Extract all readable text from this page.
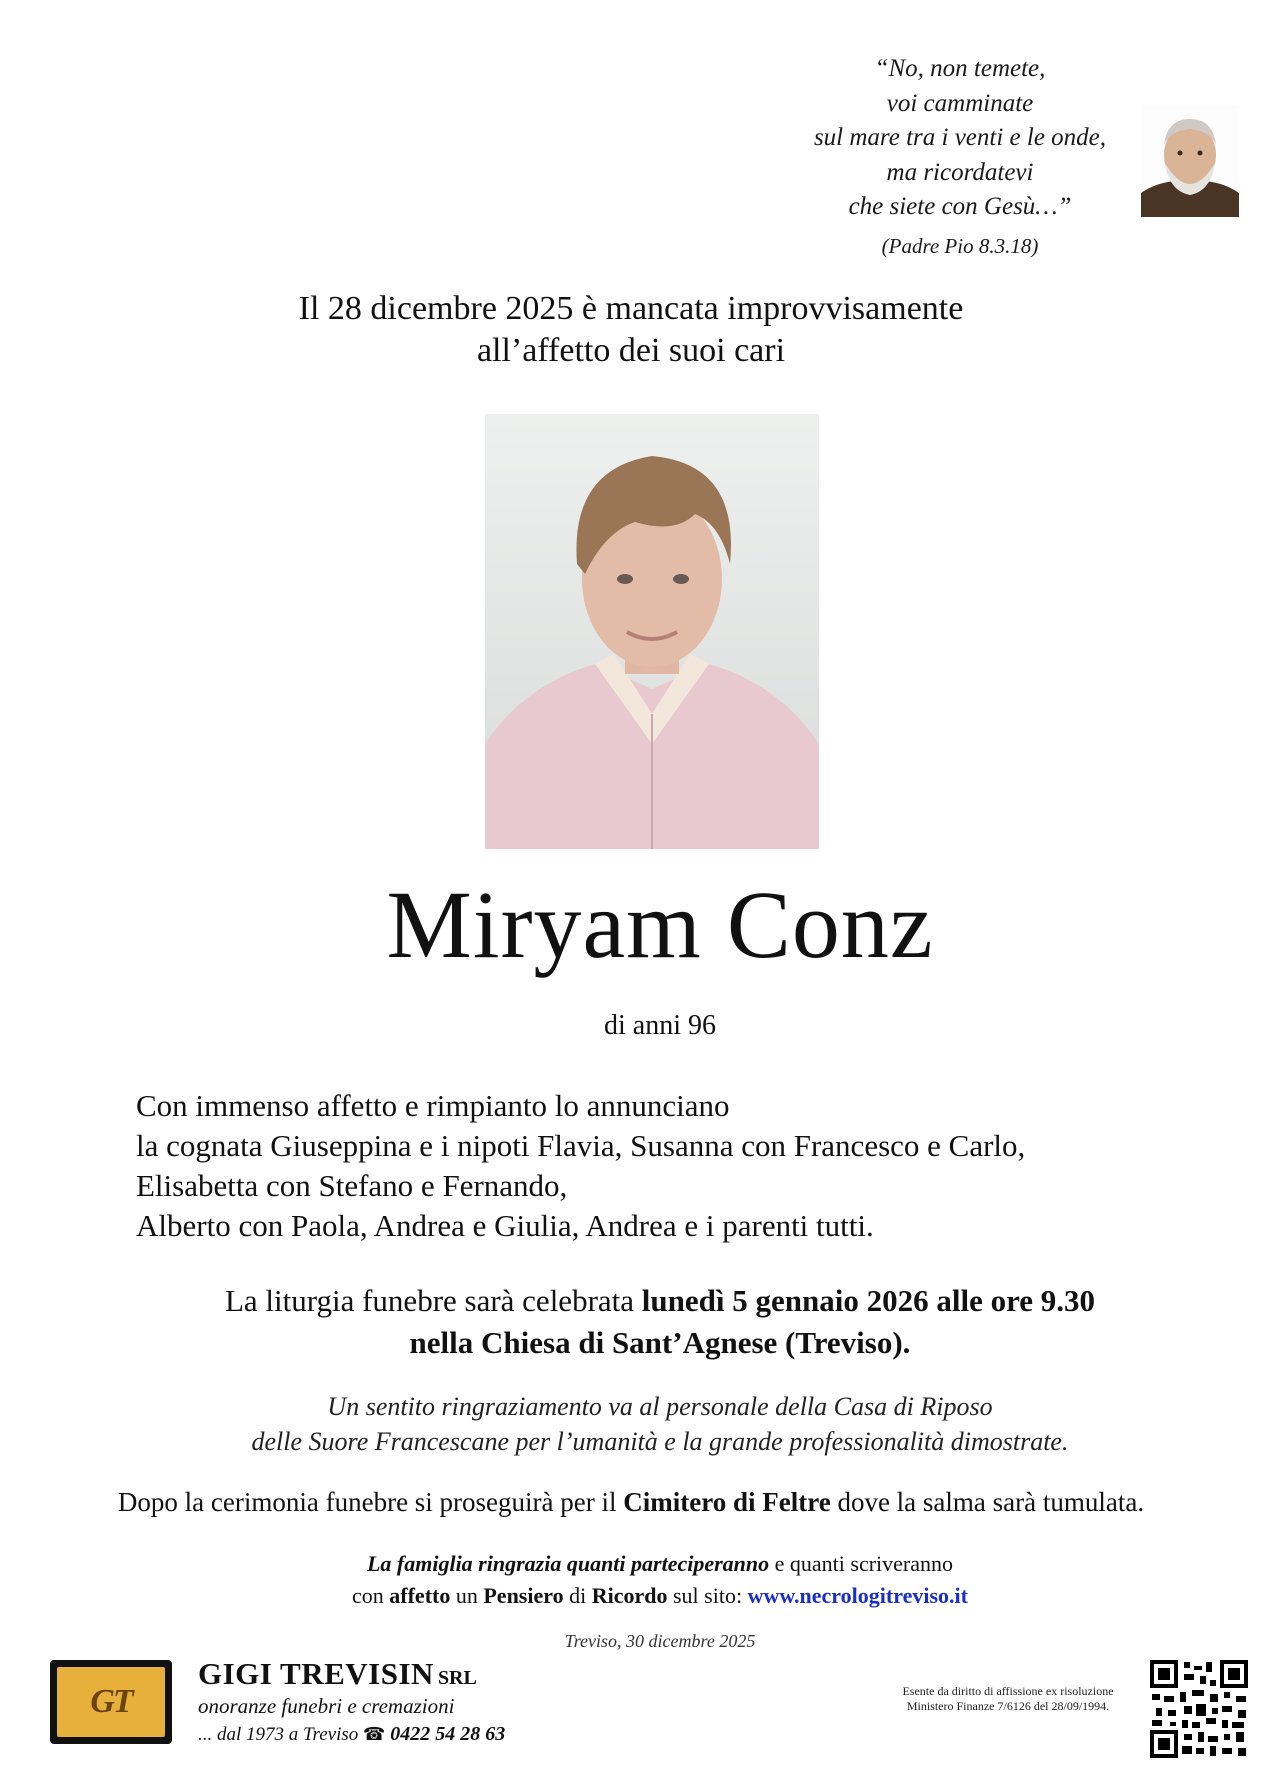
“No, non temete,
voi camminate
sul mare tra i venti e le onde,
ma ricordatevi
che siete con Gesù…”
(Padre Pio 8.3.18)
Il 28 dicembre 2025 è mancata improvvisamente
all’affetto dei suoi cari
Miryam Conz
di anni 96
Con immenso affetto e rimpianto lo annunciano
la cognata Giuseppina e i nipoti Flavia, Susanna con Francesco e Carlo,
Elisabetta con Stefano e Fernando,
Alberto con Paola, Andrea e Giulia, Andrea e i parenti tutti.
La liturgia funebre sarà celebrata lunedì 5 gennaio 2026 alle ore 9.30
nella Chiesa di Sant’Agnese (Treviso).
Un sentito ringraziamento va al personale della Casa di Riposo
delle Suore Francescane per l’umanità e la grande professionalità dimostrate.
Dopo la cerimonia funebre si proseguirà per il Cimitero di Feltre dove la salma sarà tumulata.
La famiglia ringrazia quanti parteciperanno e quanti scriveranno
con affetto un Pensiero di Ricordo sul sito: www.necrologitreviso.it
Treviso, 30 dicembre 2025
GT
GIGI TREVISIN SRL
onoranze funebri e cremazioni
... dal 1973 a Treviso ☎ 0422 54 28 63
Esente da diritto di affissione ex risoluzione
Ministero Finanze 7/6126 del 28/09/1994.
